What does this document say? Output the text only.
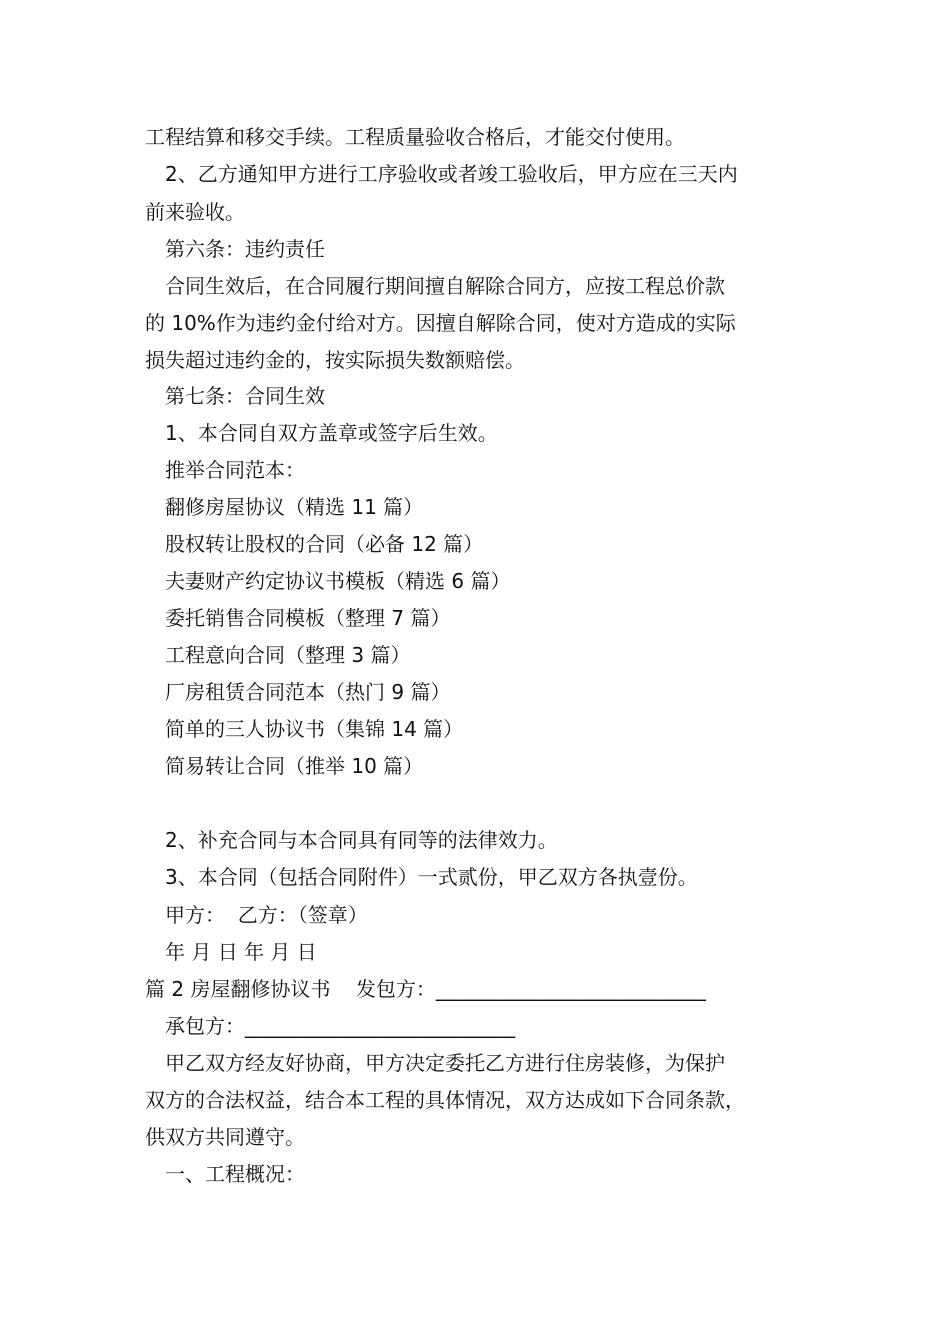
工程结算和移交手续。工程质量验收合格后，才能交付使用。
2、乙方通知甲方进行工序验收或者竣工验收后，甲方应在三天内
前来验收。
第六条：违约责任
合同生效后，在合同履行期间擅自解除合同方，应按工程总价款
的 10%作为违约金付给对方。因擅自解除合同，使对方造成的实际
损失超过违约金的，按实际损失数额赔偿。
第七条：合同生效
1、本合同自双方盖章或签字后生效。
推举合同范本：
翻修房屋协议（精选 11 篇）
股权转让股权的合同（必备 12 篇）
夫妻财产约定协议书模板（精选 6 篇）
委托销售合同模板（整理 7 篇）
工程意向合同（整理 3 篇）
厂房租赁合同范本（热门 9 篇）
简单的三人协议书（集锦 14 篇）
简易转让合同（推举 10 篇）
2、补充合同与本合同具有同等的法律效力。
3、本合同（包括合同附件）一式贰份，甲乙双方各执壹份。
甲方：  乙方：（签章）
年 月 日 年 月 日
篇 2 房屋翻修协议书    发包方：___________________________
承包方：___________________________
甲乙双方经友好协商，甲方决定委托乙方进行住房装修，为保护
双方的合法权益，结合本工程的具体情况，双方达成如下合同条款，
供双方共同遵守。
一、工程概况：
